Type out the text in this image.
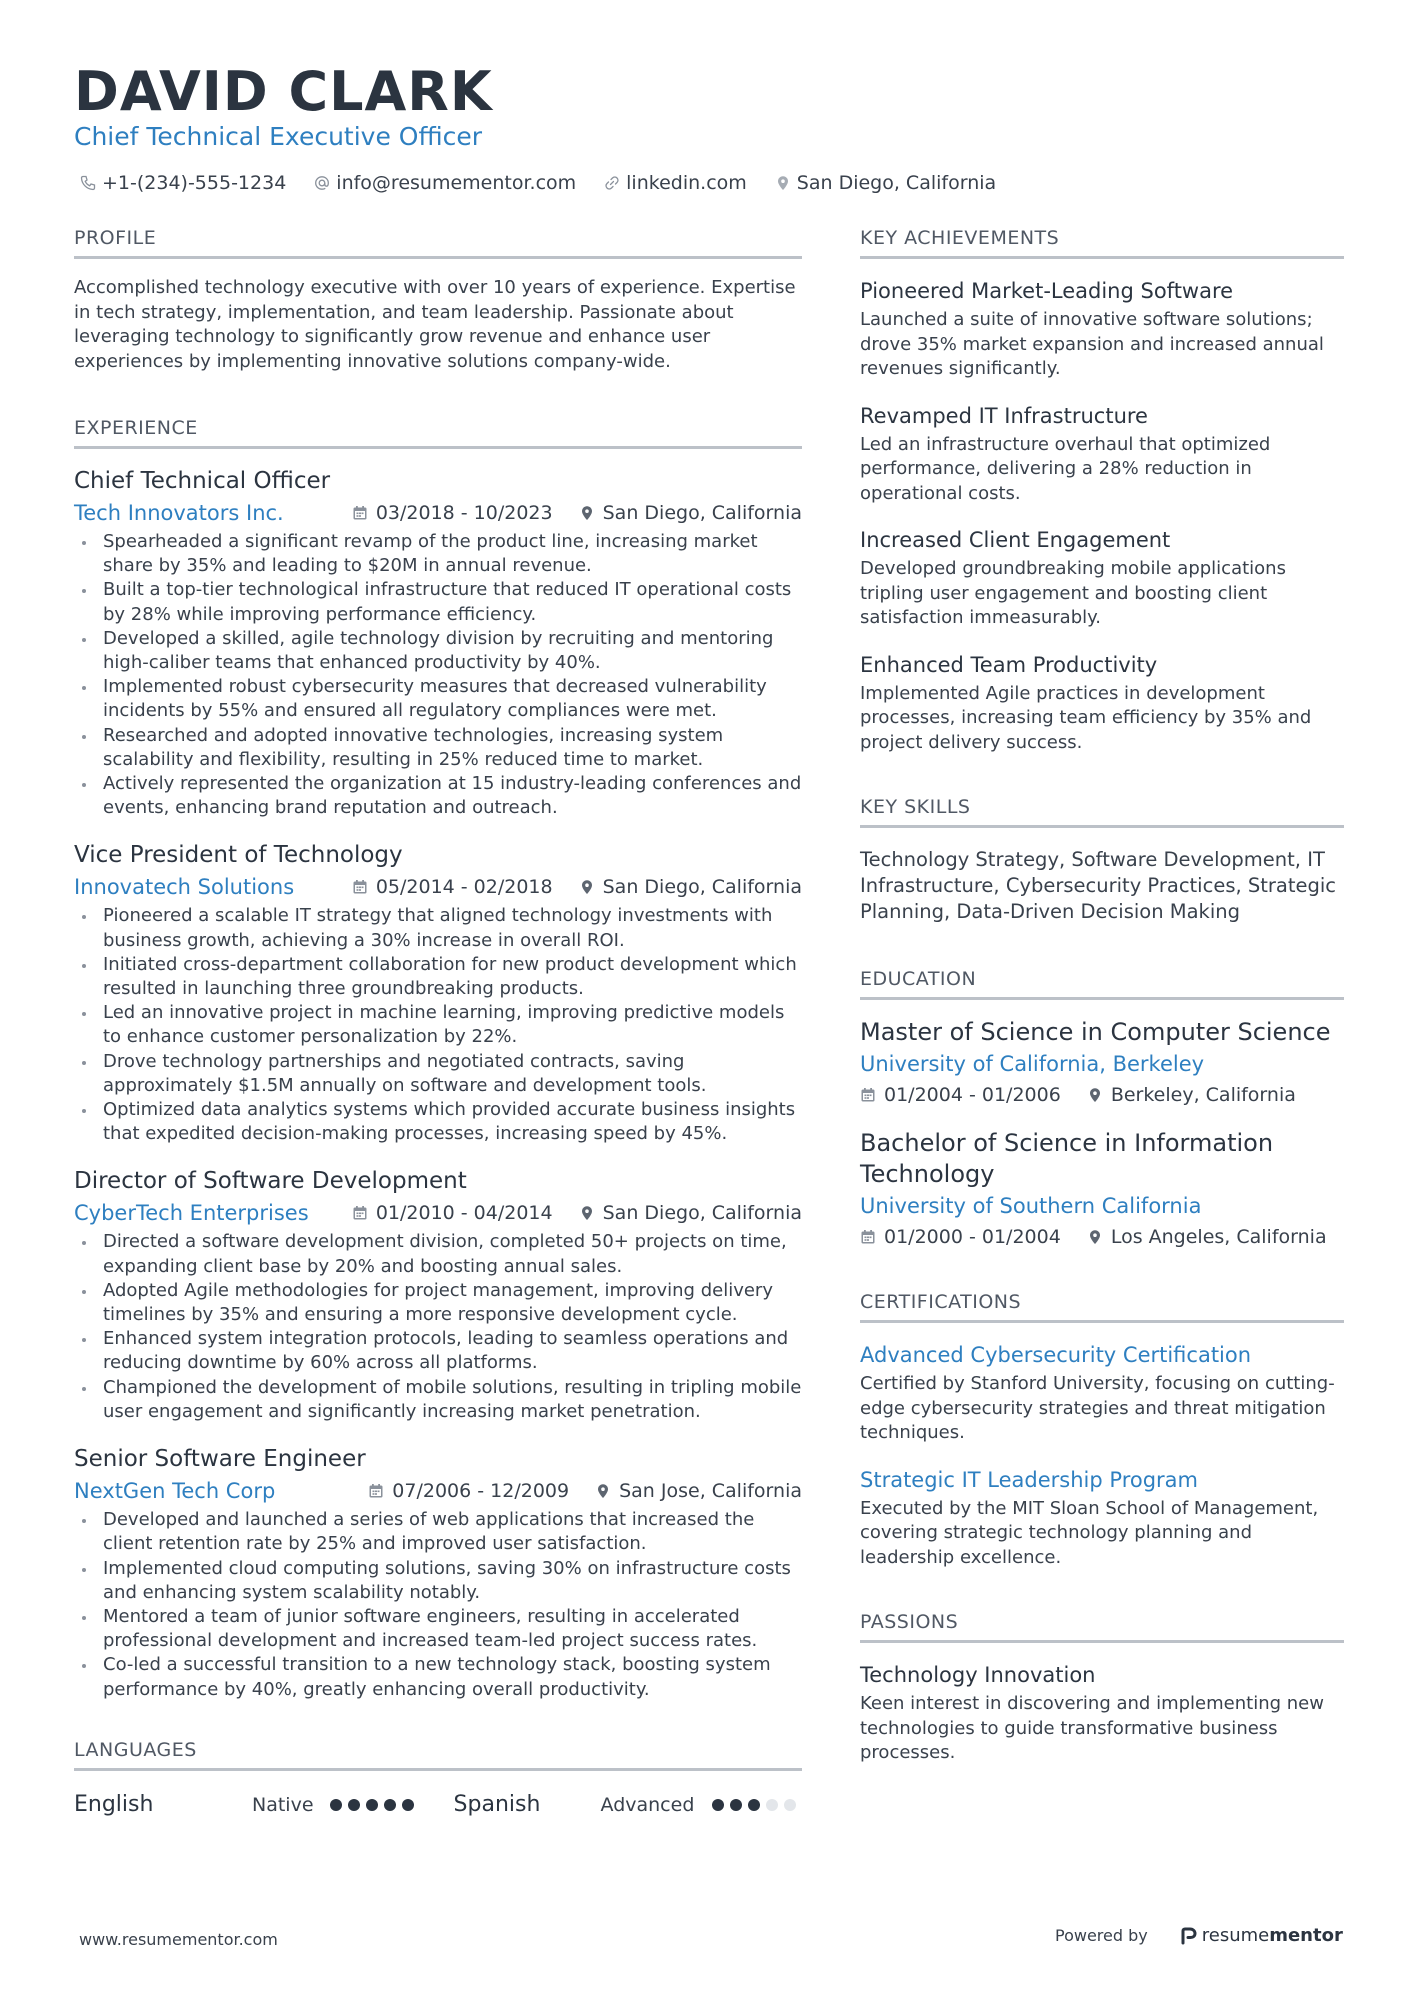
DAVID CLARK
Chief Technical Executive Officer
+1-(234)-555-1234	info@resumementor.com	linkedin.com	San Diego, California
PROFILE
Accomplished technology executive with over 10 years of experience. Expertise in tech strategy, implementation, and team leadership. Passionate about leveraging technology to significantly grow revenue and enhance user experiences by implementing innovative solutions company-wide.
EXPERIENCE
Chief Technical Officer
Tech Innovators Inc.	03/2018 - 10/2023	San Diego, California
Spearheaded a significant revamp of the product line, increasing market share by 35% and leading to $20M in annual revenue.
Built a top-tier technological infrastructure that reduced IT operational costs by 28% while improving performance efficiency.
Developed a skilled, agile technology division by recruiting and mentoring high-caliber teams that enhanced productivity by 40%.
Implemented robust cybersecurity measures that decreased vulnerability incidents by 55% and ensured all regulatory compliances were met.
Researched and adopted innovative technologies, increasing system scalability and flexibility, resulting in 25% reduced time to market.
Actively represented the organization at 15 industry-leading conferences and events, enhancing brand reputation and outreach.
Vice President of Technology
Innovatech Solutions	05/2014 - 02/2018	San Diego, California
Pioneered a scalable IT strategy that aligned technology investments with business growth, achieving a 30% increase in overall ROI.
Initiated cross-department collaboration for new product development which resulted in launching three groundbreaking products.
Led an innovative project in machine learning, improving predictive models to enhance customer personalization by 22%.
Drove technology partnerships and negotiated contracts, saving approximately $1.5M annually on software and development tools.
Optimized data analytics systems which provided accurate business insights that expedited decision-making processes, increasing speed by 45%.
Director of Software Development
CyberTech Enterprises	01/2010 - 04/2014	San Diego, California
Directed a software development division, completed 50+ projects on time, expanding client base by 20% and boosting annual sales.
Adopted Agile methodologies for project management, improving delivery timelines by 35% and ensuring a more responsive development cycle.
Enhanced system integration protocols, leading to seamless operations and reducing downtime by 60% across all platforms.
Championed the development of mobile solutions, resulting in tripling mobile user engagement and significantly increasing market penetration.
Senior Software Engineer
NextGen Tech Corp	07/2006 - 12/2009	San Jose, California
Developed and launched a series of web applications that increased the client retention rate by 25% and improved user satisfaction.
Implemented cloud computing solutions, saving 30% on infrastructure costs and enhancing system scalability notably.
Mentored a team of junior software engineers, resulting in accelerated professional development and increased team-led project success rates.
Co-led a successful transition to a new technology stack, boosting system performance by 40%, greatly enhancing overall productivity.
LANGUAGES
English	Native	Spanish	Advanced
KEY ACHIEVEMENTS
Pioneered Market-Leading Software
Launched a suite of innovative software solutions; drove 35% market expansion and increased annual revenues significantly.
Revamped IT Infrastructure
Led an infrastructure overhaul that optimized performance, delivering a 28% reduction in operational costs.
Increased Client Engagement
Developed groundbreaking mobile applications tripling user engagement and boosting client satisfaction immeasurably.
Enhanced Team Productivity
Implemented Agile practices in development processes, increasing team efficiency by 35% and project delivery success.
KEY SKILLS
Technology Strategy, Software Development, IT Infrastructure, Cybersecurity Practices, Strategic Planning, Data-Driven Decision Making
EDUCATION
Master of Science in Computer Science
University of California, Berkeley
01/2004 - 01/2006	Berkeley, California
Bachelor of Science in Information Technology
University of Southern California
01/2000 - 01/2004	Los Angeles, California
CERTIFICATIONS
Advanced Cybersecurity Certification
Certified by Stanford University, focusing on cutting-edge cybersecurity strategies and threat mitigation techniques.
Strategic IT Leadership Program
Executed by the MIT Sloan School of Management, covering strategic technology planning and leadership excellence.
PASSIONS
Technology Innovation
Keen interest in discovering and implementing new technologies to guide transformative business processes.
www.resumementor.com	Powered by	resume mentor
